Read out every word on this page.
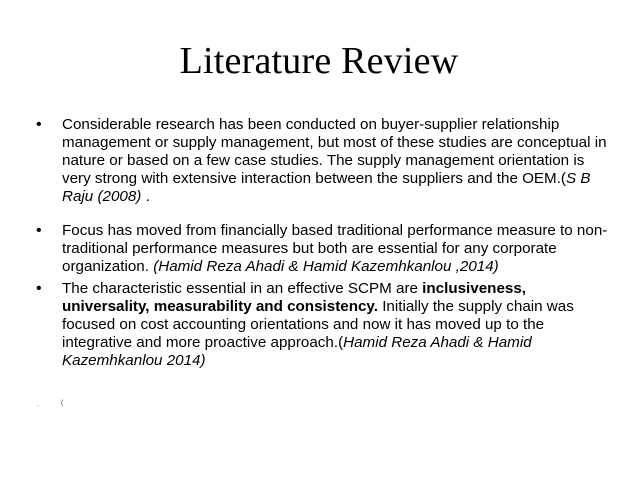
Literature Review
• Considerable research has been conducted on buyer-supplier relationship management or supply management, but most of these studies are conceptual in nature or based on a few case studies. The supply management orientation is very strong with extensive interaction between the suppliers and the OEM.(S B Raju (2008) .
• Focus has moved from financially based traditional performance measure to non-traditional performance measures but both are essential for any corporate organization. (Hamid Reza Ahadi & Hamid Kazemhkanlou ,2014)
• The characteristic essential in an effective SCPM are inclusiveness, universality, measurability and consistency. Initially the supply chain was focused on cost accounting orientations and now it has moved up to the integrative and more proactive approach.(Hamid Reza Ahadi & Hamid Kazemhkanlou 2014)
.	(
